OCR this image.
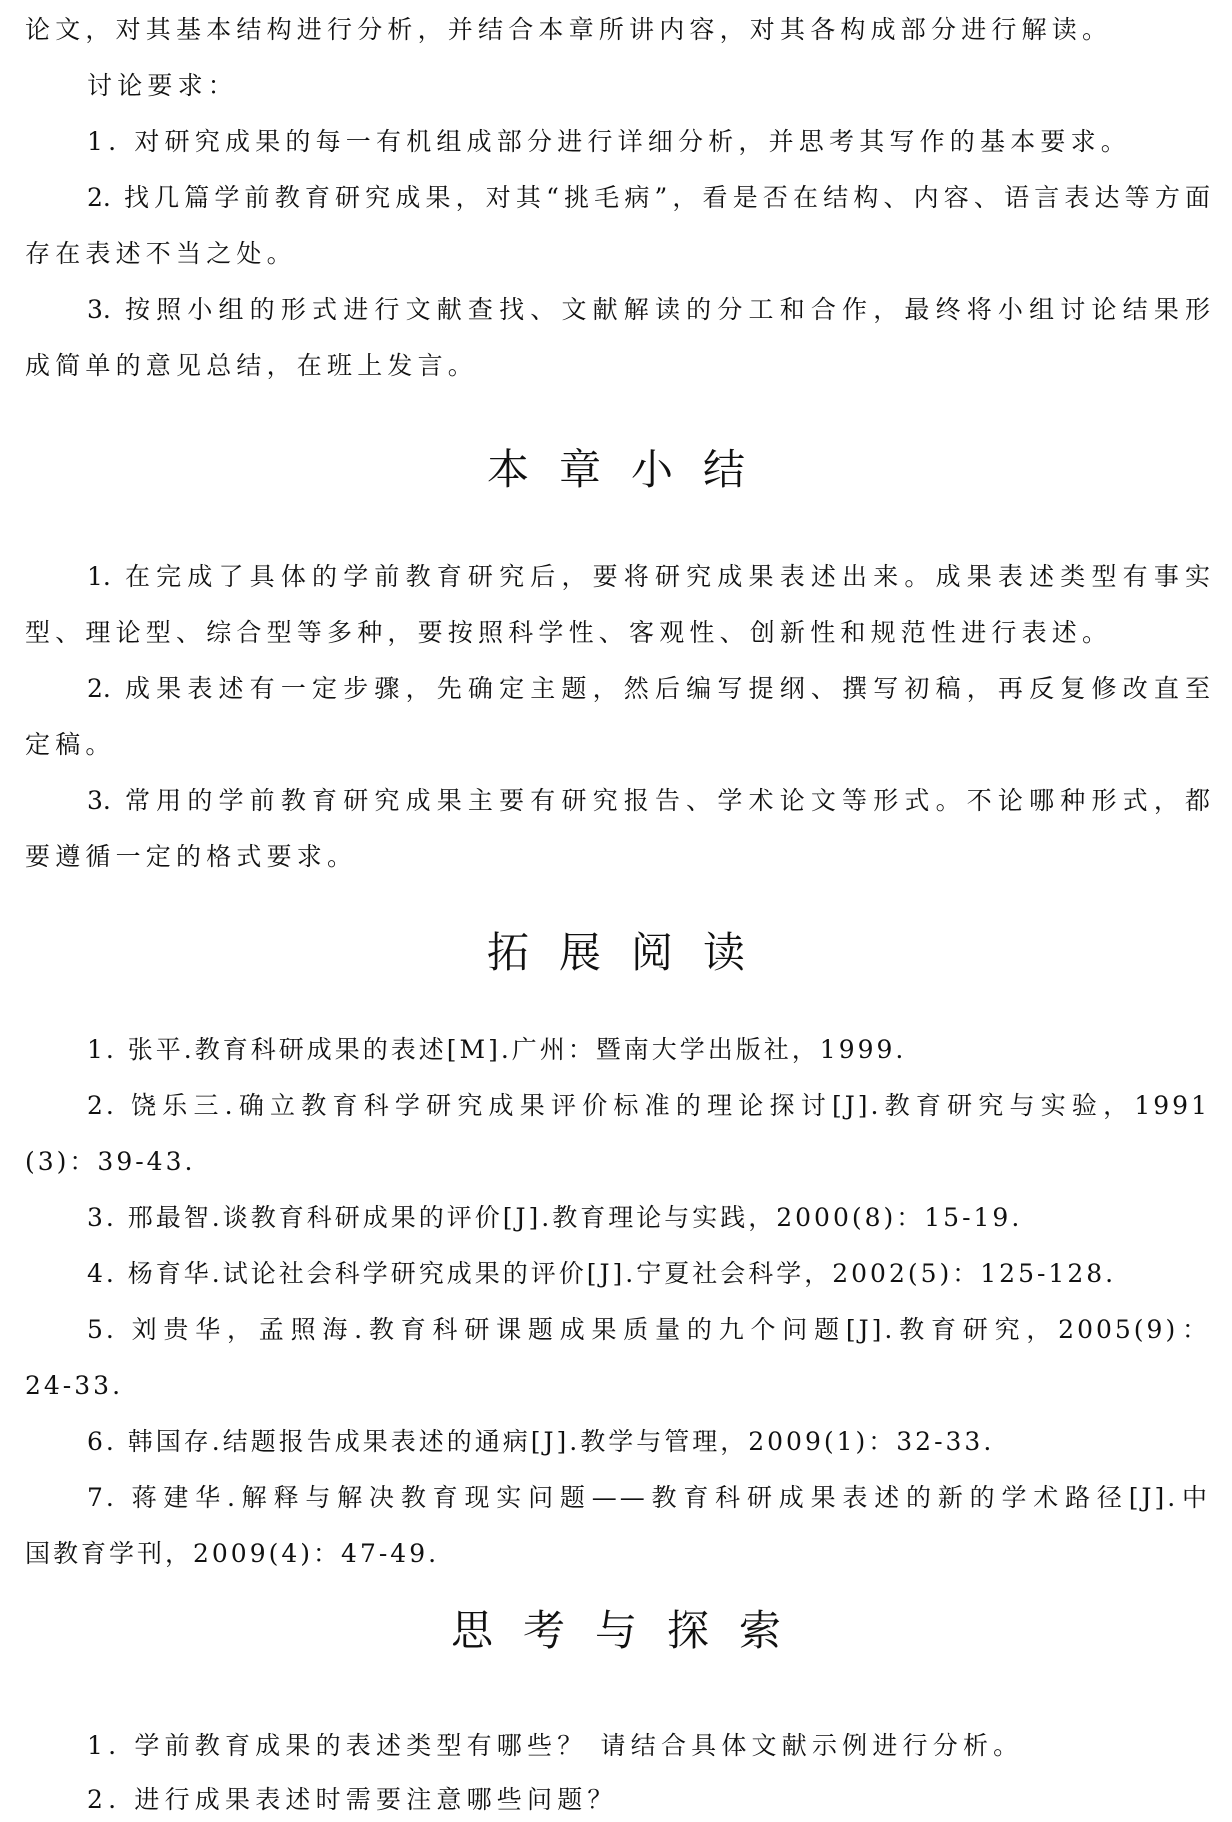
论文，对其基本结构进行分析，并结合本章所讲内容，对其各构成部分进行解读。
讨论要求：
1. 对研究成果的每一有机组成部分进行详细分析，并思考其写作的基本要求。
2. 找几篇学前教育研究成果，对其“挑毛病”，看是否在结构、内容、语言表达等方面
存在表述不当之处。
3. 按照小组的形式进行文献查找、文献解读的分工和合作，最终将小组讨论结果形
成简单的意见总结，在班上发言。
本章小结
1. 在完成了具体的学前教育研究后，要将研究成果表述出来。成果表述类型有事实
型、理论型、综合型等多种，要按照科学性、客观性、创新性和规范性进行表述。
2. 成果表述有一定步骤，先确定主题，然后编写提纲、撰写初稿，再反复修改直至
定稿。
3. 常用的学前教育研究成果主要有研究报告、学术论文等形式。不论哪种形式，都
要遵循一定的格式要求。
拓展阅读
1. 张平.教育科研成果的表述[M].广州：暨南大学出版社，1999.
2. 饶乐三.确立教育科学研究成果评价标准的理论探讨[J].教育研究与实验，1991
(3)：39-43.
3. 邢最智.谈教育科研成果的评价[J].教育理论与实践，2000(8)：15-19.
4. 杨育华.试论社会科学研究成果的评价[J].宁夏社会科学，2002(5)：125-128.
5. 刘贵华，孟照海.教育科研课题成果质量的九个问题[J].教育研究，2005(9)：
24-33.
6. 韩国存.结题报告成果表述的通病[J].教学与管理，2009(1)：32-33.
7. 蒋建华.解释与解决教育现实问题——教育科研成果表述的新的学术路径[J].中
国教育学刊，2009(4)：47-49.
思考与探索
1. 学前教育成果的表述类型有哪些？ 请结合具体文献示例进行分析。
2. 进行成果表述时需要注意哪些问题？
